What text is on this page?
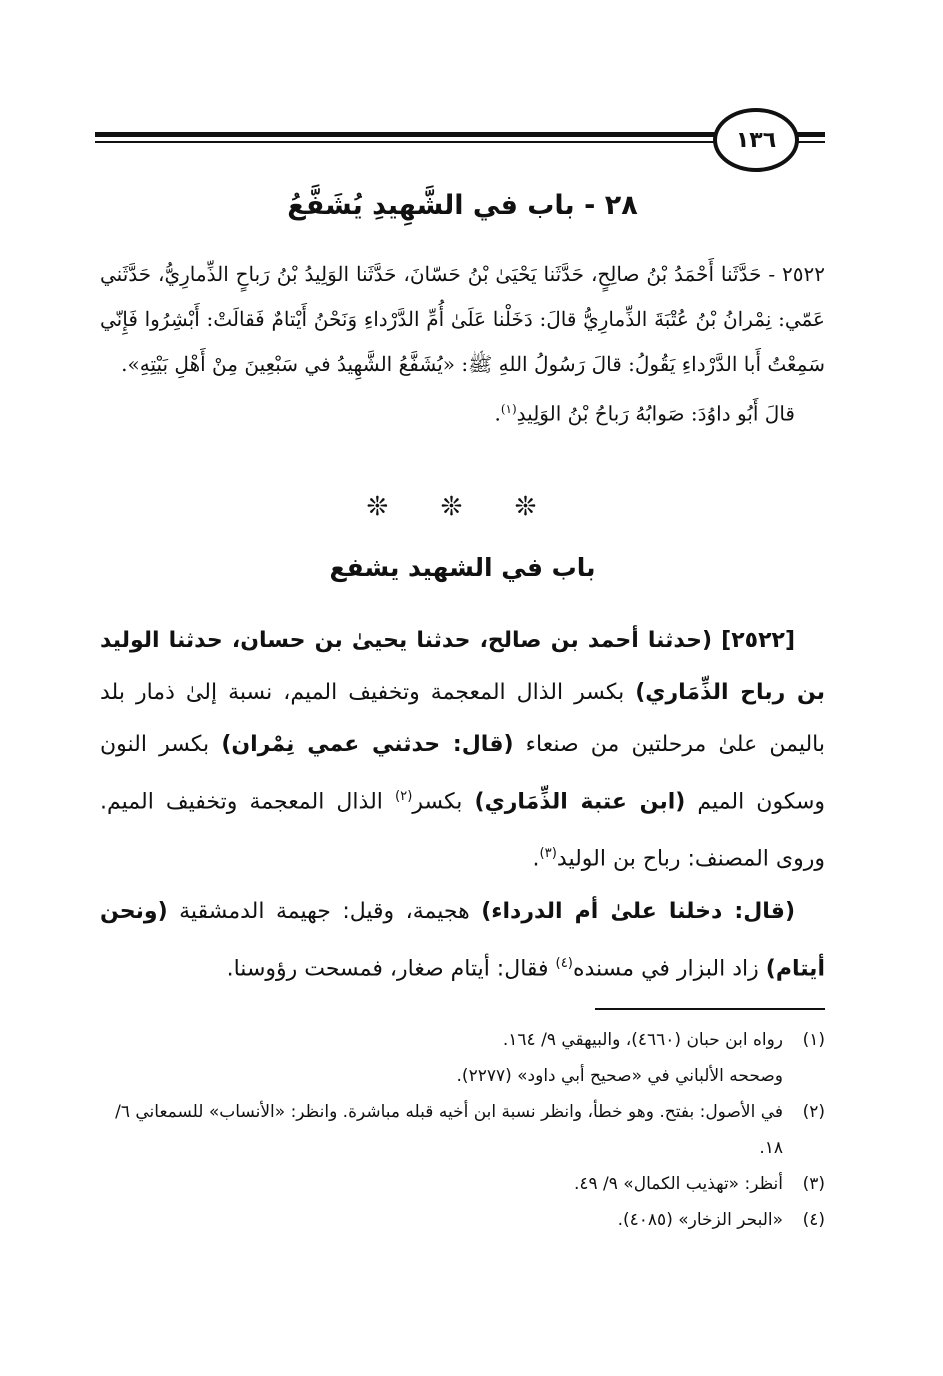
١٣٦
٢٨ - باب في الشَّهِيدِ يُشَفَّعُ

٢٥٢٢ - حَدَّثَنا أَحْمَدُ بْنُ صالِحٍ، حَدَّثَنا يَحْيَىٰ بْنُ حَسّانَ، حَدَّثَنا الوَلِيدُ بْنُ رَباحٍ الذِّمارِيُّ، حَدَّثَني عَمّي: نِمْرانُ بْنُ عُتْبَةَ الذِّمارِيُّ قالَ: دَخَلْنا عَلَىٰ أُمِّ الدَّرْداءِ وَنَحْنُ أَيْتامٌ فَقالَتْ: أَبْشِرُوا فَإِنّي سَمِعْتُ أَبا الدَّرْداءِ يَقُولُ: قالَ رَسُولُ اللهِ ﷺ: «يُشَفَّعُ الشَّهِيدُ في سَبْعِينَ مِنْ أَهْلِ بَيْتِهِ».

قالَ أَبُو داوُدَ: صَوابُهُ رَباحُ بْنُ الوَلِيدِ$^{(١)}$.

❊ ❊ ❊
باب في الشهيد يشفع

[٢٥٢٢] (حدثنا أحمد بن صالح، حدثنا يحيىٰ بن حسان، حدثنا الوليد بن رباح الذِّمَاري) بكسر الذال المعجمة وتخفيف الميم، نسبة إلىٰ ذمار بلد باليمن علىٰ مرحلتين من صنعاء (قال: حدثني عمي نِمْران) بكسر النون وسكون الميم (ابن عتبة الذِّمَاري) بكسر$^{(٢)}$ الذال المعجمة وتخفيف الميم. وروى المصنف: رباح بن الوليد$^{(٣)}$.

(قال: دخلنا علىٰ أم الدرداء) هجيمة، وقيل: جهيمة الدمشقية (ونحن أيتام) زاد البزار في مسنده$^{(٤)}$ فقال: أيتام صغار، فمسحت رؤوسنا.

(١)
رواه ابن حبان (٤٦٦٠)، والبيهقي ٩/ ١٦٤.

وصححه الألباني في «صحيح أبي داود» (٢٢٧٧).

(٢)
في الأصول: بفتح. وهو خطأ، وانظر نسبة ابن أخيه قبله مباشرة. وانظر: «الأنساب» للسمعاني ٦/ ١٨.
(٣)
أنظر: «تهذيب الكمال» ٩/ ٤٩.
(٤)
«البحر الزخار» (٤٠٨٥).
